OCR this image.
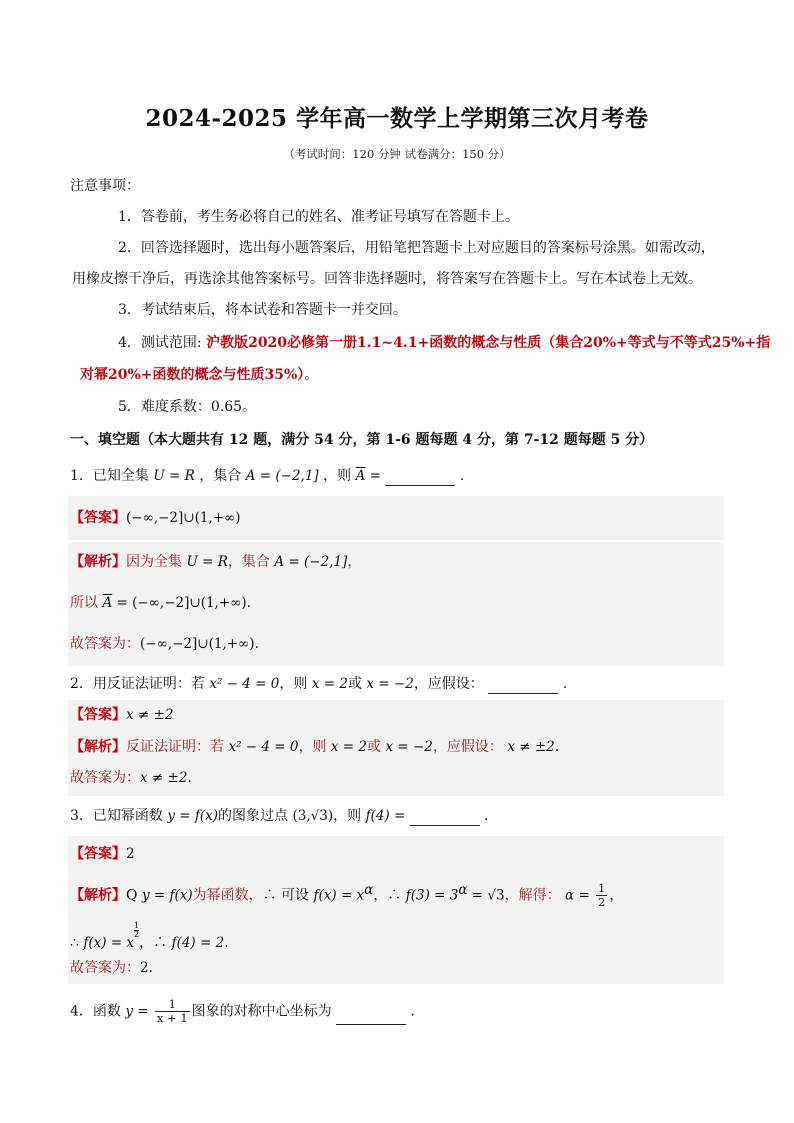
2024-2025 学年高一数学上学期第三次月考卷
（考试时间：120 分钟 试卷满分：150 分）
注意事项：
1．答卷前，考生务必将自己的姓名、准考证号填写在答题卡上。
2．回答选择题时，选出每小题答案后，用铅笔把答题卡上对应题目的答案标号涂黑。如需改动，
用橡皮擦干净后，再选涂其他答案标号。回答非选择题时，将答案写在答题卡上。写在本试卷上无效。
3．考试结束后，将本试卷和答题卡一并交回。
4．测试范围: 沪教版2020必修第一册1.1~4.1+函数的概念与性质（集合20%+等式与不等式25%+指
对幂20%+函数的概念与性质35%）。
5．难度系数：0.65。
一、填空题（本大题共有 12 题，满分 54 分，第 1-6 题每题 4 分，第 7-12 题每题 5 分）
1．已知全集 U = R ，集合 A = (−2,1] ，则 $\overline{A}$ =	.
【答案】(−∞,−2]∪(1,+∞)
【解析】因为全集 U = R，集合 A = (−2,1]，
所以 $\overline{A}$ = (−∞,−2]∪(1,+∞).
故答案为：(−∞,−2]∪(1,+∞).
2．用反证法证明：若 x² − 4 = 0，则 x = 2或 x = −2，应假设：	.
【答案】x ≠ ±2
【解析】反证法证明：若 x² − 4 = 0，则 x = 2或 x = −2，应假设： x ≠ ±2.
故答案为：x ≠ ±2.
3．已知幂函数 y = f(x)的图象过点 (3,√3)，则 f(4) =	.
【答案】2
【解析】Q y = f(x)为幂函数，∴ 可设 $f(x) = x^\alpha$，∴ $f(3) = 3^\alpha = √3$，解得： $\alpha = \frac{1}{2}$ ，
∴ f(x) = x
$^{\frac{1}{2}}$
，∴ f(4) = 2.
故答案为：2.
4．函数 $y = \frac{1}{x + 1}$ 图象的对称中心坐标为	.
